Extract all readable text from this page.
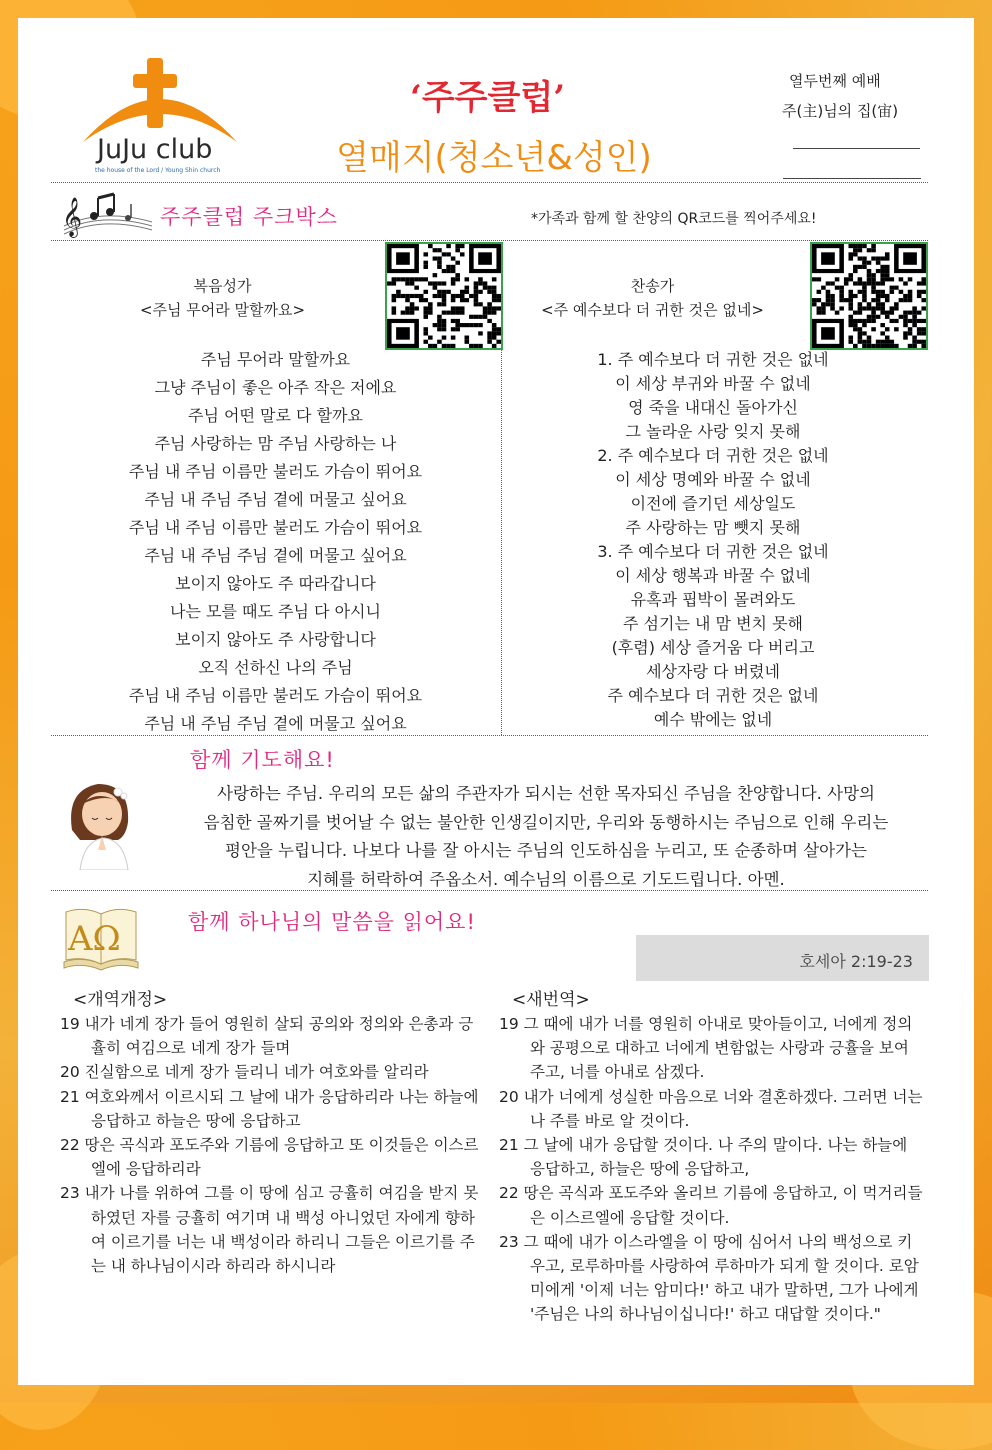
JuJu club
the house of the Lord / Young Shin church
‘주주클럽’
열매지(청소년&성인)
열두번째 예배
주(主)님의 집(宙)
𝄞	주주클럽 주크박스	*가족과 함께 할 찬양의 QR코드를 찍어주세요!
복음성가
<주님 무어라 말할까요>
주님 무어라 말할까요
그냥 주님이 좋은 아주 작은 저에요
주님 어떤 말로 다 할까요
주님 사랑하는 맘 주님 사랑하는 나
주님 내 주님 이름만 불러도 가슴이 뛰어요
주님 내 주님 주님 곁에 머물고 싶어요
주님 내 주님 이름만 불러도 가슴이 뛰어요
주님 내 주님 주님 곁에 머물고 싶어요
보이지 않아도 주 따라갑니다
나는 모를 때도 주님 다 아시니
보이지 않아도 주 사랑합니다
오직 선하신 나의 주님
주님 내 주님 이름만 불러도 가슴이 뛰어요
주님 내 주님 주님 곁에 머물고 싶어요
찬송가
<주 예수보다 더 귀한 것은 없네>
1. 주 예수보다 더 귀한 것은 없네
이 세상 부귀와 바꿀 수 없네
영 죽을 내대신 돌아가신
그 놀라운 사랑 잊지 못해
2. 주 예수보다 더 귀한 것은 없네
이 세상 명예와 바꿀 수 없네
이전에 즐기던 세상일도
주 사랑하는 맘 뺏지 못해
3. 주 예수보다 더 귀한 것은 없네
이 세상 행복과 바꿀 수 없네
유혹과 핍박이 몰려와도
주 섬기는 내 맘 변치 못해
(후렴) 세상 즐거움 다 버리고
세상자랑 다 버렸네
주 예수보다 더 귀한 것은 없네
예수 밖에는 없네
함께 기도해요!
사랑하는 주님. 우리의 모든 삶의 주관자가 되시는 선한 목자되신 주님을 찬양합니다. 사망의
음침한 골짜기를 벗어날 수 없는 불안한 인생길이지만, 우리와 동행하시는 주님으로 인해 우리는
평안을 누립니다. 나보다 나를 잘 아시는 주님의 인도하심을 누리고, 또 순종하며 살아가는
지혜를 허락하여 주옵소서. 예수님의 이름으로 기도드립니다. 아멘.
AΩ	함께 하나님의 말씀을 읽어요!
호세아 2:19-23
<개역개정>
19 내가 네게 장가 들어 영원히 살되 공의와 정의와 은총과 긍휼히 여김으로 네게 장가 들며
20 진실함으로 네게 장가 들리니 네가 여호와를 알리라
21 여호와께서 이르시되 그 날에 내가 응답하리라 나는 하늘에 응답하고 하늘은 땅에 응답하고
22 땅은 곡식과 포도주와 기름에 응답하고 또 이것들은 이스르엘에 응답하리라
23 내가 나를 위하여 그를 이 땅에 심고 긍휼히 여김을 받지 못하였던 자를 긍휼히 여기며 내 백성 아니었던 자에게 향하여 이르기를 너는 내 백성이라 하리니 그들은 이르기를 주는 내 하나님이시라 하리라 하시니라
<새번역>
19 그 때에 내가 너를 영원히 아내로 맞아들이고, 너에게 정의와 공평으로 대하고 너에게 변함없는 사랑과 긍휼을 보여 주고, 너를 아내로 삼겠다.
20 내가 너에게 성실한 마음으로 너와 결혼하겠다. 그러면 너는 나 주를 바로 알 것이다.
21 그 날에 내가 응답할 것이다. 나 주의 말이다. 나는 하늘에 응답하고, 하늘은 땅에 응답하고,
22 땅은 곡식과 포도주와 올리브 기름에 응답하고, 이 먹거리들은 이스르엘에 응답할 것이다.
23 그 때에 내가 이스라엘을 이 땅에 심어서 나의 백성으로 키우고, 로루하마를 사랑하여 루하마가 되게 할 것이다. 로암미에게 '이제 너는 암미다!' 하고 내가 말하면, 그가 나에게 '주님은 나의 하나님이십니다!' 하고 대답할 것이다."
